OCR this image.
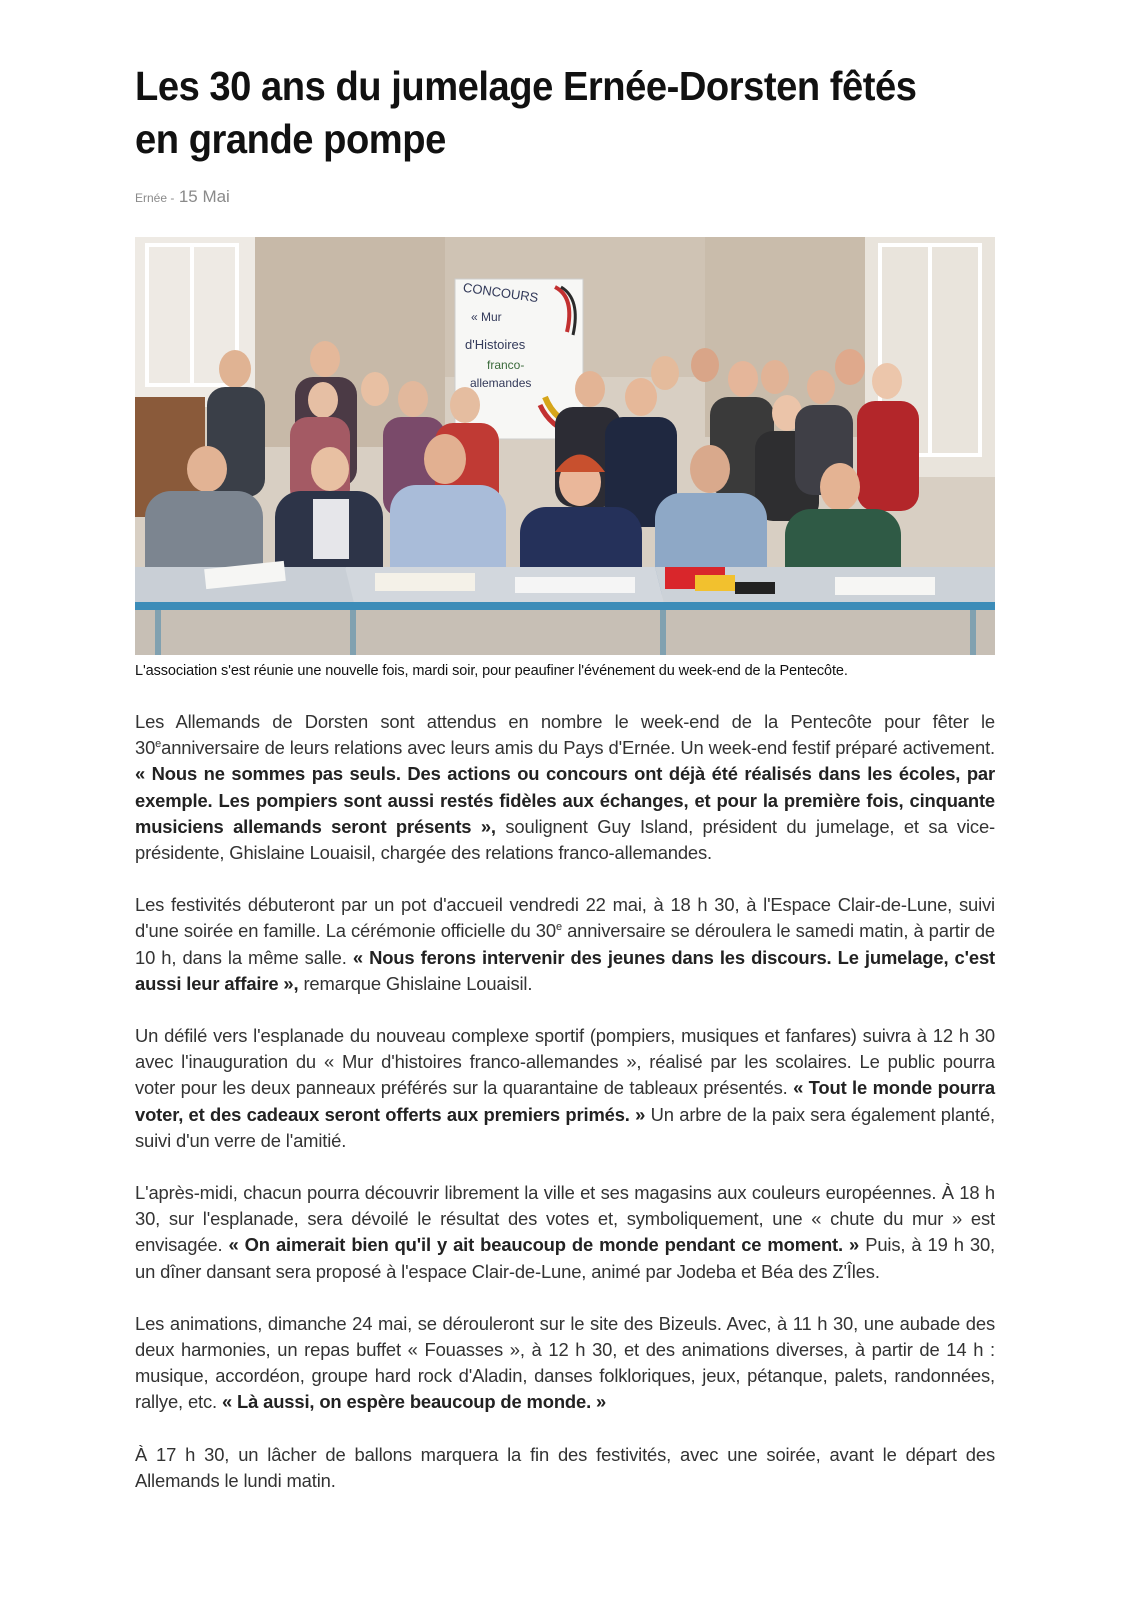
Les 30 ans du jumelage Ernée-Dorsten fêtés en grande pompe
Ernée - 15 Mai
CONCOURS
« Mur
d'Histoires
franco-
allemandes
L'association s'est réunie une nouvelle fois, mardi soir, pour peaufiner l'événement du week-end de la Pentecôte.

Les Allemands de Dorsten sont attendus en nombre le week-end de la Pentecôte pour fêter le 30eanniversaire de leurs relations avec leurs amis du Pays d'Ernée. Un week-end festif préparé activement. « Nous ne sommes pas seuls. Des actions ou concours ont déjà été réalisés dans les écoles, par exemple. Les pompiers sont aussi restés fidèles aux échanges, et pour la première fois, cinquante musiciens allemands seront présents », soulignent Guy Island, président du jumelage, et sa vice-présidente, Ghislaine Louaisil, chargée des relations franco-allemandes.

Les festivités débuteront par un pot d'accueil vendredi 22 mai, à 18 h 30, à l'Espace Clair-de-Lune, suivi d'une soirée en famille. La cérémonie officielle du 30e anniversaire se déroulera le samedi matin, à partir de 10 h, dans la même salle. « Nous ferons intervenir des jeunes dans les discours. Le jumelage, c'est aussi leur affaire », remarque Ghislaine Louaisil.

Un défilé vers l'esplanade du nouveau complexe sportif (pompiers, musiques et fanfares) suivra à 12 h 30 avec l'inauguration du « Mur d'histoires franco-allemandes », réalisé par les scolaires. Le public pourra voter pour les deux panneaux préférés sur la quarantaine de tableaux présentés. « Tout le monde pourra voter, et des cadeaux seront offerts aux premiers primés. » Un arbre de la paix sera également planté, suivi d'un verre de l'amitié.

L'après-midi, chacun pourra découvrir librement la ville et ses magasins aux couleurs européennes. À 18 h 30, sur l'esplanade, sera dévoilé le résultat des votes et, symboliquement, une « chute du mur » est envisagée. « On aimerait bien qu'il y ait beaucoup de monde pendant ce moment. » Puis, à 19 h 30, un dîner dansant sera proposé à l'espace Clair-de-Lune, animé par Jodeba et Béa des Z'Îles.

Les animations, dimanche 24 mai, se dérouleront sur le site des Bizeuls. Avec, à 11 h 30, une aubade des deux harmonies, un repas buffet « Fouasses », à 12 h 30, et des animations diverses, à partir de 14 h : musique, accordéon, groupe hard rock d'Aladin, danses folkloriques, jeux, pétanque, palets, randonnées, rallye, etc. « Là aussi, on espère beaucoup de monde. »

À 17 h 30, un lâcher de ballons marquera la fin des festivités, avec une soirée, avant le départ des Allemands le lundi matin.
